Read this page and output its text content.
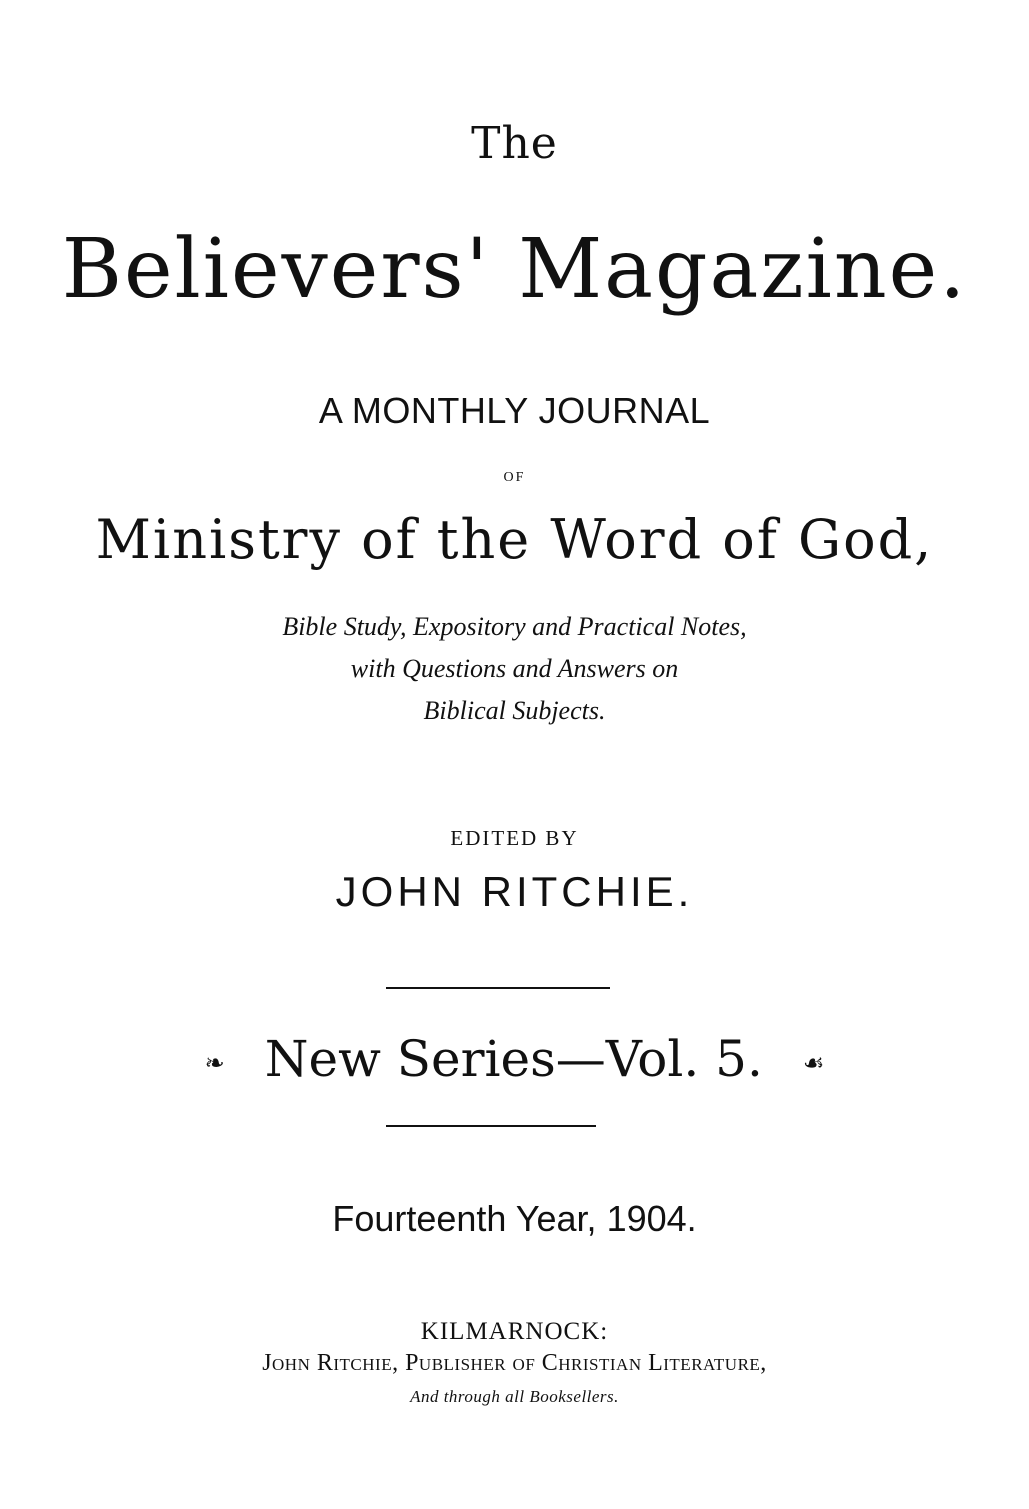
The
Believers' Magazine.
A MONTHLY JOURNAL
OF
Ministry of the Word of God,
Bible Study, Expository and Practical Notes,
with Questions and Answers on
Biblical Subjects.
EDITED BY
JOHN RITCHIE.
❧ New Series—Vol. 5. ☙
Fourteenth Year, 1904.
KILMARNOCK:
John Ritchie, Publisher of Christian Literature,
And through all Booksellers.
